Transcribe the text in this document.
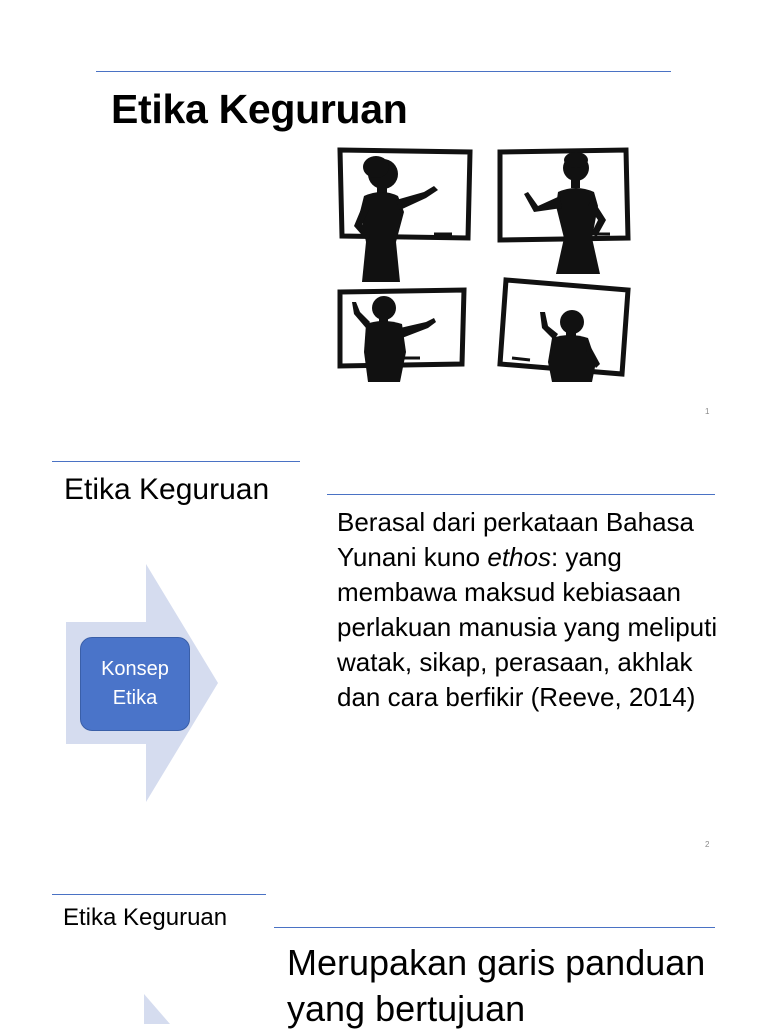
Etika Keguruan
1
Etika Keguruan
Konsep
Etika
Berasal dari perkataan Bahasa Yunani kuno ethos: yang membawa maksud kebiasaan perlakuan manusia yang meliputi watak, sikap, perasaan, akhlak dan cara berfikir (Reeve, 2014)
2
Etika Keguruan
Merupakan garis panduan yang bertujuan
